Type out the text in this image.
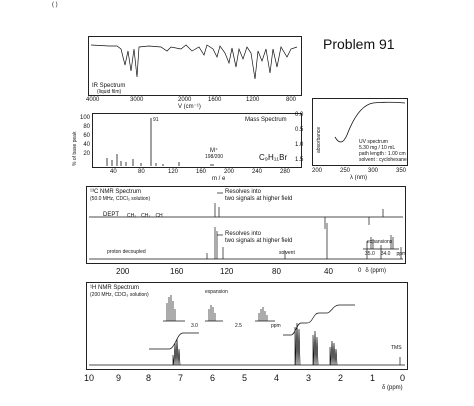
( )
Problem 91
IR Spectrum
(liquid film)
4000	3000	2000	1600	1200	800
V (cm⁻¹)
% of base peak
100
80
60
40
20
91	Mass Spectrum
M⁺
198/200	C₉H₁₁Br
40	80	120	160	200	240	280
m / e
0.0
0.5
1.0
1.5
absorbance	UV spectrum
5.30 mg / 10 mL
path length : 1.00 cm
solvent : cyclohexane
200	250	300	350
λ (nm)
¹³C NMR Spectrum
(50.0 MHz, CDCl₃ solution)
Resolves into
two signals at higher field
DEPT CH₂ CH₃ CH
Resolves into
two signals at higher field	expansions
35.0 34.0 ppm
proton decoupled	solvent
200	160	120	80	40	0 δ (ppm)
¹H NMR Spectrum
(200 MHz, CDCl₃ solution)	expansion
3.0	2.5	ppm
TMS
10 9	8	7	6	5	4	3	2	1	0
δ (ppm)
